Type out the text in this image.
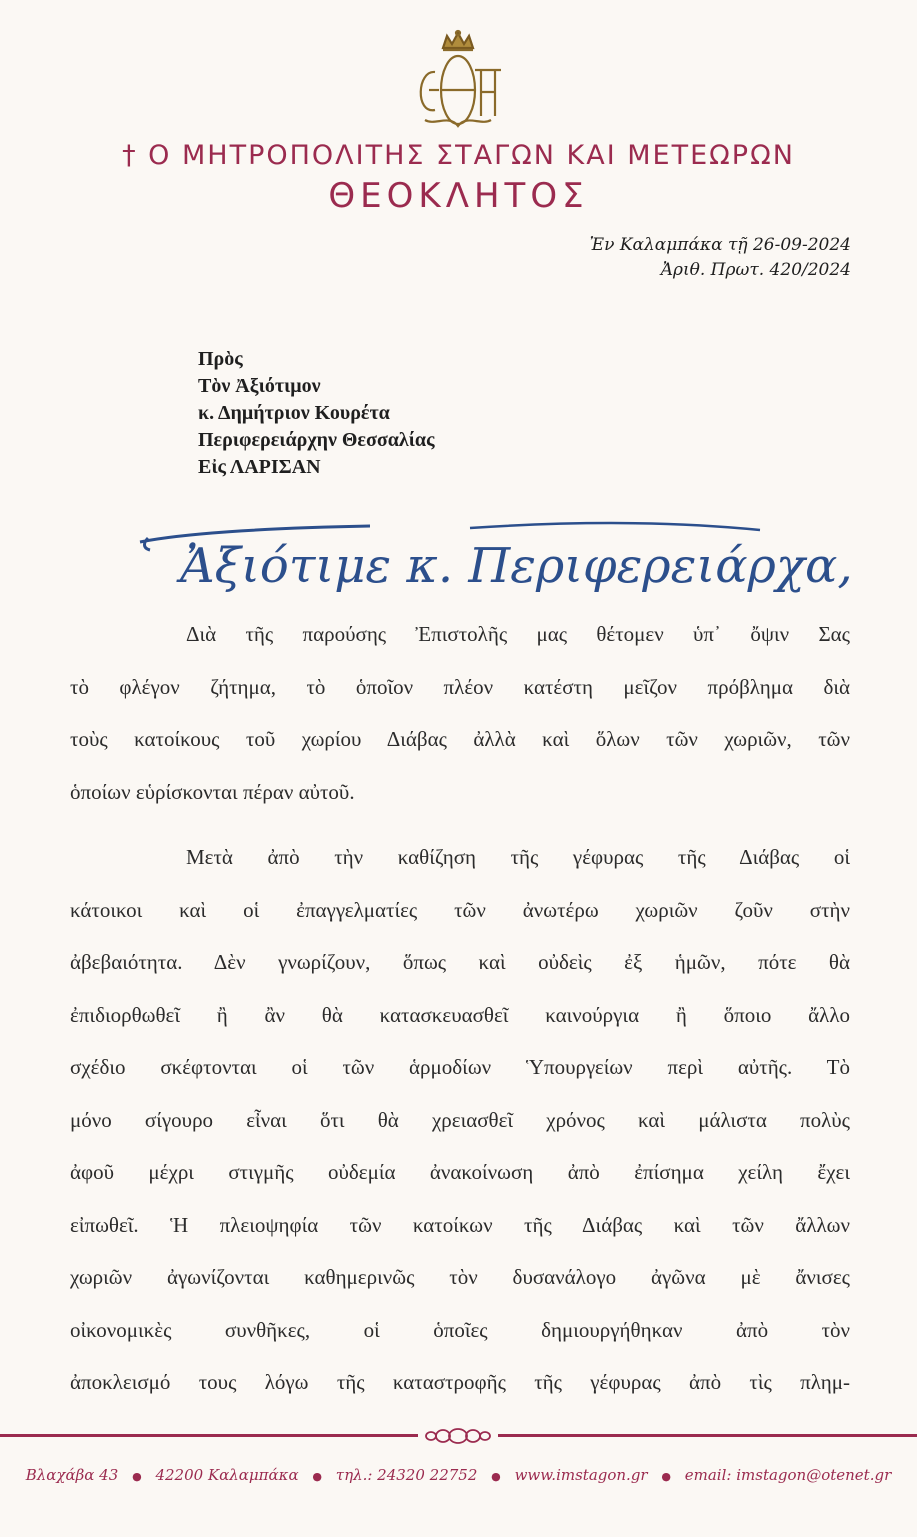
† Ο ΜΗΤΡΟΠΟΛΙΤΗΣ ΣΤΑΓΩΝ ΚΑΙ ΜΕΤΕΩΡΩΝ
ΘΕΟΚΛΗΤΟΣ
Ἐν Καλαμπάκα τῇ 26-09-2024
Ἀριθ. Πρωτ. 420/2024
Πρὸς
Τὸν Ἀξιότιμον
κ. Δημήτριον Κουρέτα
Περιφερειάρχην Θεσσαλίας
Εἰς ΛΑΡΙΣΑΝ
Ἀξιότιμε κ. Περιφερειάρχα,
Διὰ τῆς παρούσης Ἐπιστολῆς μας θέτομεν ὑπ᾽ ὄψιν Σας
τὸ φλέγον ζήτημα, τὸ ὁποῖον πλέον κατέστη μεῖζον πρόβλημα διὰ
τοὺς κατοίκους τοῦ χωρίου Διάβας ἀλλὰ καὶ ὅλων τῶν χωριῶν, τῶν
ὁποίων εὑρίσκονται πέραν αὐτοῦ.
Μετὰ ἀπὸ τὴν καθίζηση τῆς γέφυρας τῆς Διάβας οἱ
κάτοικοι καὶ οἱ ἐπαγγελματίες τῶν ἀνωτέρω χωριῶν ζοῦν στὴν
ἀβεβαιότητα. Δὲν γνωρίζουν, ὅπως καὶ οὐδεὶς ἐξ ἡμῶν, πότε θὰ
ἐπιδιορθωθεῖ ἢ ἂν θὰ κατασκευασθεῖ καινούργια ἢ ὅποιο ἄλλο
σχέδιο σκέφτονται οἱ τῶν ἁρμοδίων Ὑπουργείων περὶ αὐτῆς. Τὸ
μόνο σίγουρο εἶναι ὅτι θὰ χρειασθεῖ χρόνος καὶ μάλιστα πολὺς
ἀφοῦ μέχρι στιγμῆς οὐδεμία ἀνακοίνωση ἀπὸ ἐπίσημα χείλη ἔχει
εἰπωθεῖ. Ἡ πλειοψηφία τῶν κατοίκων τῆς Διάβας καὶ τῶν ἄλλων
χωριῶν ἀγωνίζονται καθημερινῶς τὸν δυσανάλογο ἀγῶνα μὲ ἄνισες
οἰκονομικὲς συνθῆκες, οἱ ὁποῖες δημιουργήθηκαν ἀπὸ τὸν
ἀποκλεισμό τους λόγω τῆς καταστροφῆς τῆς γέφυρας ἀπὸ τὶς πλημ-
Βλαχάβα 43 ● 42200 Καλαμπάκα ● τηλ.: 24320 22752 ● www.imstagon.gr ● email: imstagon@otenet.gr
